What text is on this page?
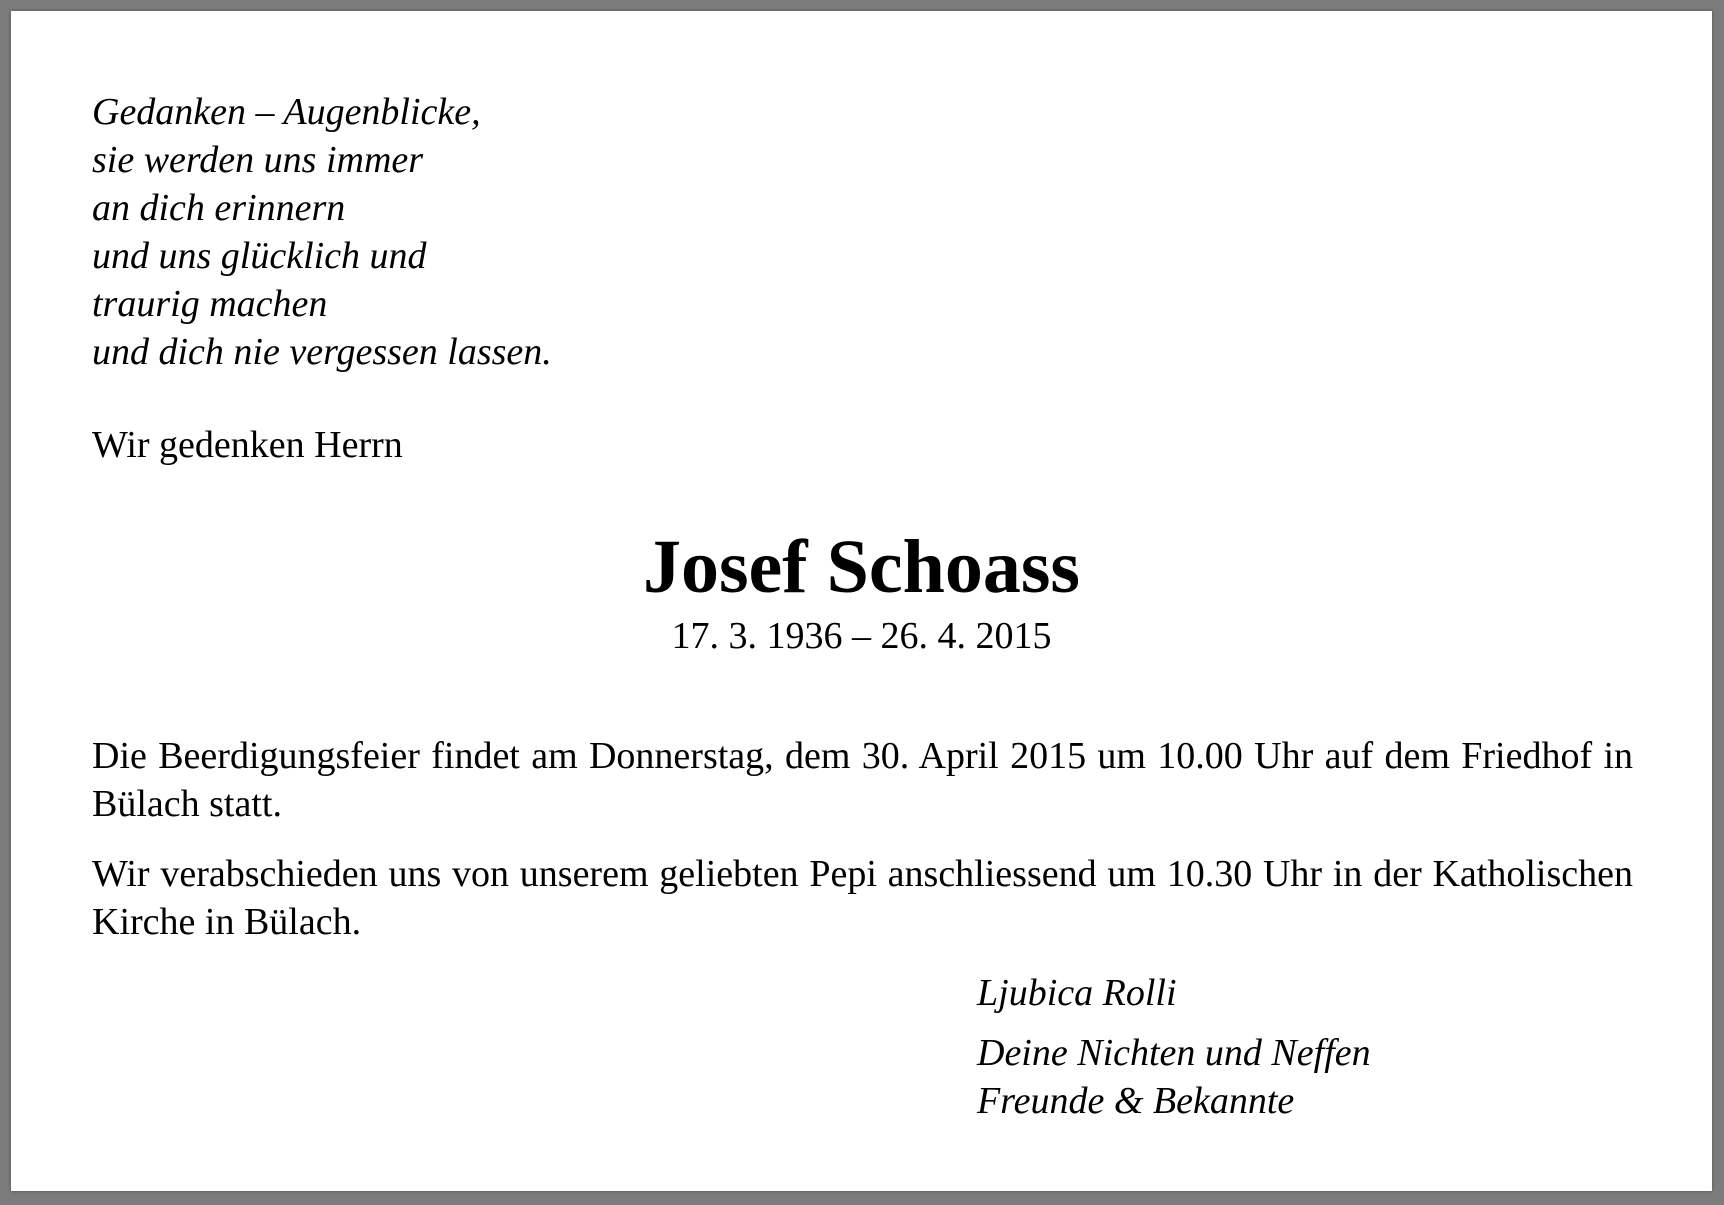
Gedanken – Augenblicke,
sie werden uns immer
an dich erinnern
und uns glücklich und
traurig machen
und dich nie vergessen lassen.
Wir gedenken Herrn
Josef Schoass
17. 3. 1936 – 26. 4. 2015
Die Beerdigungsfeier findet am Donnerstag, dem 30. April 2015 um 10.00 Uhr auf dem Friedhof in Bülach statt.
Wir verabschieden uns von unserem geliebten Pepi anschliessend um 10.30 Uhr in der Katholischen Kirche in Bülach.
Ljubica Rolli
Deine Nichten und Neffen
Freunde & Bekannte
